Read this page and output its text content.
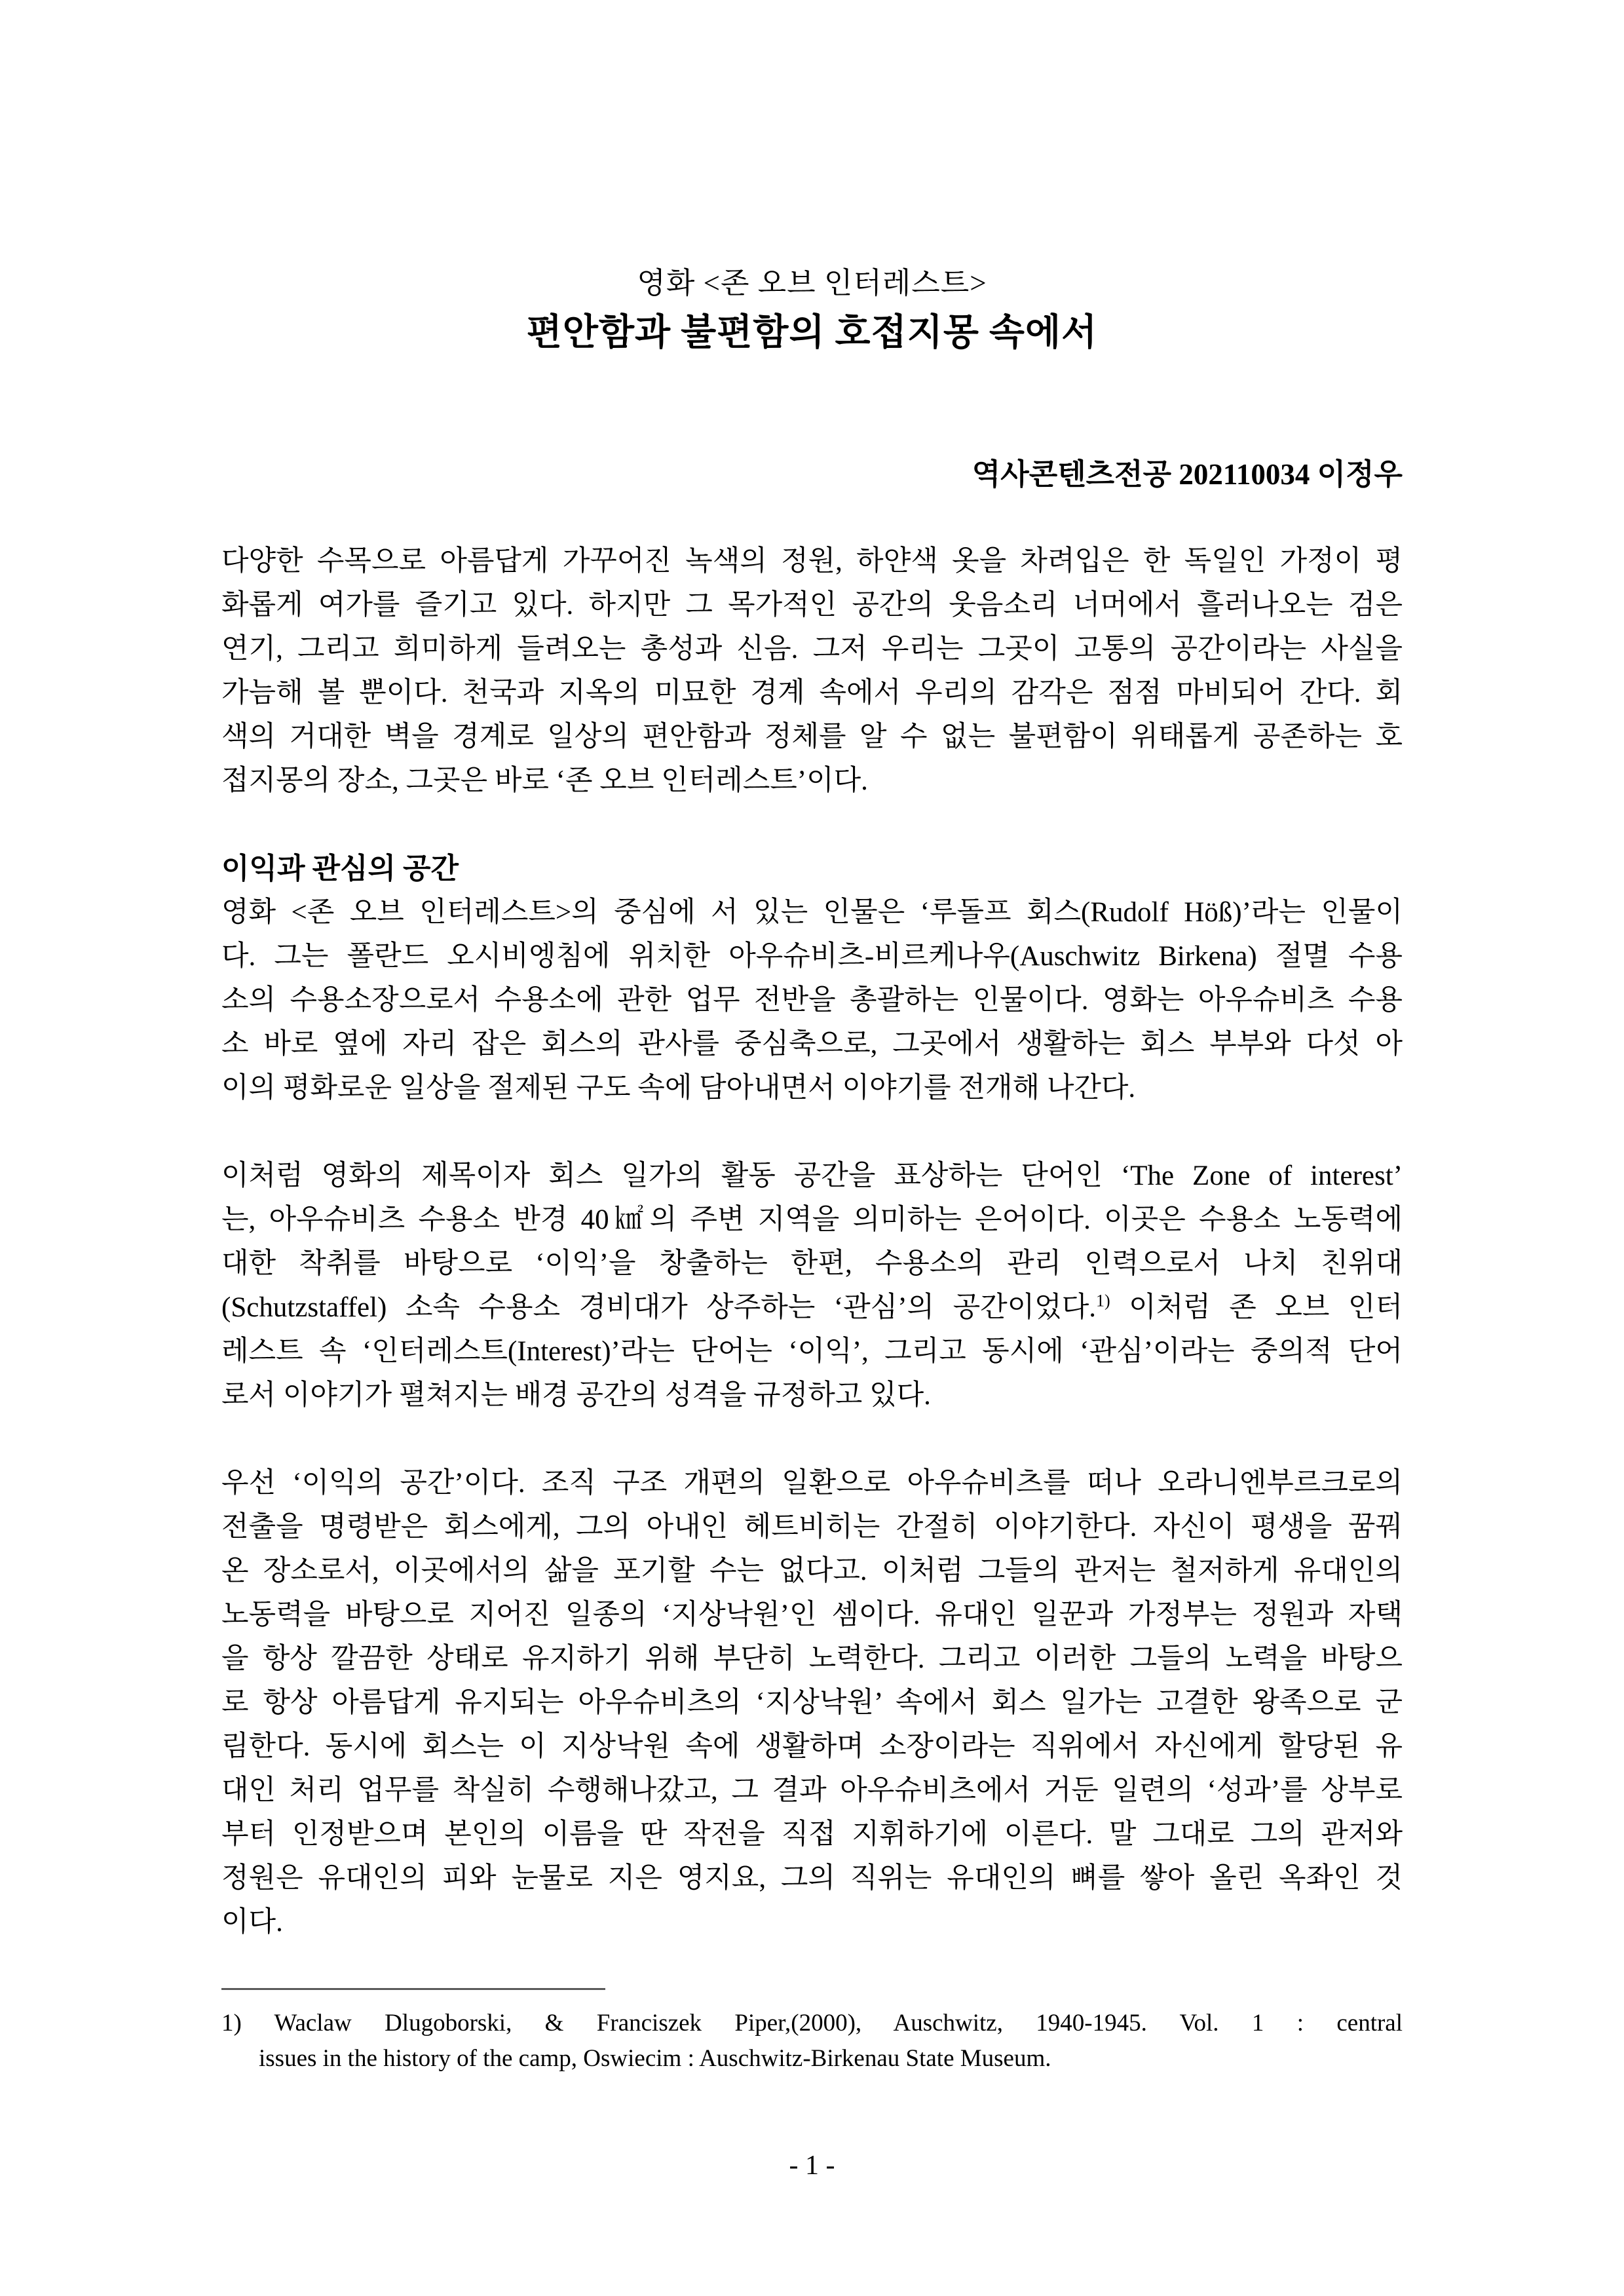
영화 <존 오브 인터레스트>
편안함과 불편함의 호접지몽 속에서
역사콘텐츠전공 202110034 이정우
다양한 수목으로 아름답게 가꾸어진 녹색의 정원, 하얀색 옷을 차려입은 한 독일인 가정이 평
화롭게 여가를 즐기고 있다. 하지만 그 목가적인 공간의 웃음소리 너머에서 흘러나오는 검은
연기, 그리고 희미하게 들려오는 총성과 신음. 그저 우리는 그곳이 고통의 공간이라는 사실을
가늠해 볼 뿐이다. 천국과 지옥의 미묘한 경계 속에서 우리의 감각은 점점 마비되어 간다. 회
색의 거대한 벽을 경계로 일상의 편안함과 정체를 알 수 없는 불편함이 위태롭게 공존하는 호
접지몽의 장소, 그곳은 바로 ‘존 오브 인터레스트’이다.
이익과 관심의 공간
영화 <존 오브 인터레스트>의 중심에 서 있는 인물은 ‘루돌프 회스(Rudolf Höß)’라는 인물이
다. 그는 폴란드 오시비엥침에 위치한 아우슈비츠-비르케나우(Auschwitz Birkena) 절멸 수용
소의 수용소장으로서 수용소에 관한 업무 전반을 총괄하는 인물이다. 영화는 아우슈비츠 수용
소 바로 옆에 자리 잡은 회스의 관사를 중심축으로, 그곳에서 생활하는 회스 부부와 다섯 아
이의 평화로운 일상을 절제된 구도 속에 담아내면서 이야기를 전개해 나간다.
이처럼 영화의 제목이자 회스 일가의 활동 공간을 표상하는 단어인 ‘The Zone of interest’
는, 아우슈비츠 수용소 반경 40㎢의 주변 지역을 의미하는 은어이다. 이곳은 수용소 노동력에
대한 착취를 바탕으로 ‘이익’을 창출하는 한편, 수용소의 관리 인력으로서 나치 친위대
(Schutzstaffel) 소속 수용소 경비대가 상주하는 ‘관심’의 공간이었다.$^{1)}$ 이처럼 존 오브 인터
레스트 속 ‘인터레스트(Interest)’라는 단어는 ‘이익’, 그리고 동시에 ‘관심’이라는 중의적 단어
로서 이야기가 펼쳐지는 배경 공간의 성격을 규정하고 있다.
우선 ‘이익의 공간’이다. 조직 구조 개편의 일환으로 아우슈비츠를 떠나 오라니엔부르크로의
전출을 명령받은 회스에게, 그의 아내인 헤트비히는 간절히 이야기한다. 자신이 평생을 꿈꿔
온 장소로서, 이곳에서의 삶을 포기할 수는 없다고. 이처럼 그들의 관저는 철저하게 유대인의
노동력을 바탕으로 지어진 일종의 ‘지상낙원’인 셈이다. 유대인 일꾼과 가정부는 정원과 자택
을 항상 깔끔한 상태로 유지하기 위해 부단히 노력한다. 그리고 이러한 그들의 노력을 바탕으
로 항상 아름답게 유지되는 아우슈비츠의 ‘지상낙원’ 속에서 회스 일가는 고결한 왕족으로 군
림한다. 동시에 회스는 이 지상낙원 속에 생활하며 소장이라는 직위에서 자신에게 할당된 유
대인 처리 업무를 착실히 수행해나갔고, 그 결과 아우슈비츠에서 거둔 일련의 ‘성과’를 상부로
부터 인정받으며 본인의 이름을 딴 작전을 직접 지휘하기에 이른다. 말 그대로 그의 관저와
정원은 유대인의 피와 눈물로 지은 영지요, 그의 직위는 유대인의 뼈를 쌓아 올린 옥좌인 것
이다.
1) Waclaw Dlugoborski, & Franciszek Piper,(2000), Auschwitz, 1940-1945. Vol. 1 : central
issues in the history of the camp, Oswiecim : Auschwitz-Birkenau State Museum.
- 1 -
